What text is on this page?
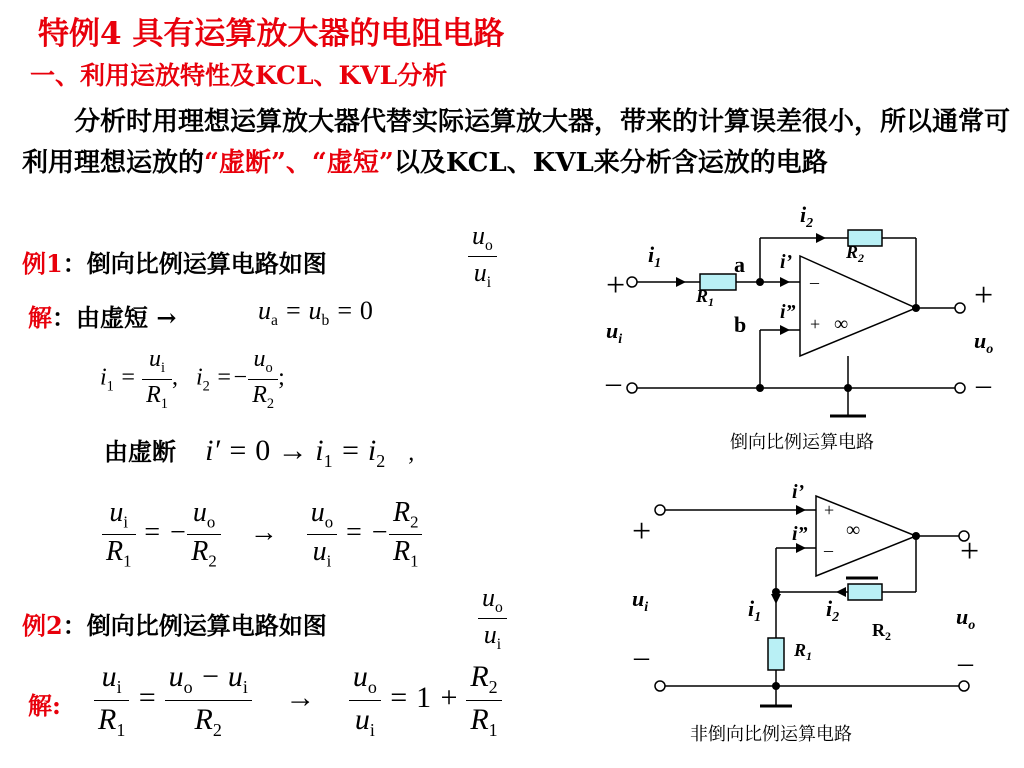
特例4 具有运算放大器的电阻电路
一、利用运放特性及KCL、KVL分析
分析时用理想运算放大器代替实际运算放大器，带来的计算误差很小，所以通常可利用理想运放的“虚断”、“虚短”以及KCL、KVL来分析含运放的电路
例1：倒向比例运算电路如图	$\frac{u_o}{u_i}$
解：由虚短 →	$u_a = u_b = 0$
$i_1 = \frac{u_i}{R_1}$ ,   $i_2 =- \frac{u_o}{R_2}$ ;
由虚断 $i' = 0 \to i_1 = i_2$ ,
$\frac{u_i}{R_1}$ = − $\frac{u_o}{R_2} \to \frac{u_o}{u_i}$ = − $\frac{R_2}{R_1}$
例2：倒向比例运算电路如图	$\frac{u_o}{u_i}$
解: $\frac{u_i}{R_1} = \frac{u_o - u_i}{R_2} \to \frac{u_o}{u_i} = 1 + \frac{R_2}{R_1}$
$i_2$
$i_1$	a
b
i’
i”
$R_1$
$R_2$
–
+ ∞
+
–
+
–
$u_i$	$u_o$
倒向比例运算电路
i’
i”
+
–
∞
+
–
+
–
$u_i$	$u_o$
$i_1$	$i_2$
$R_2$
$R_1$
非倒向比例运算电路
